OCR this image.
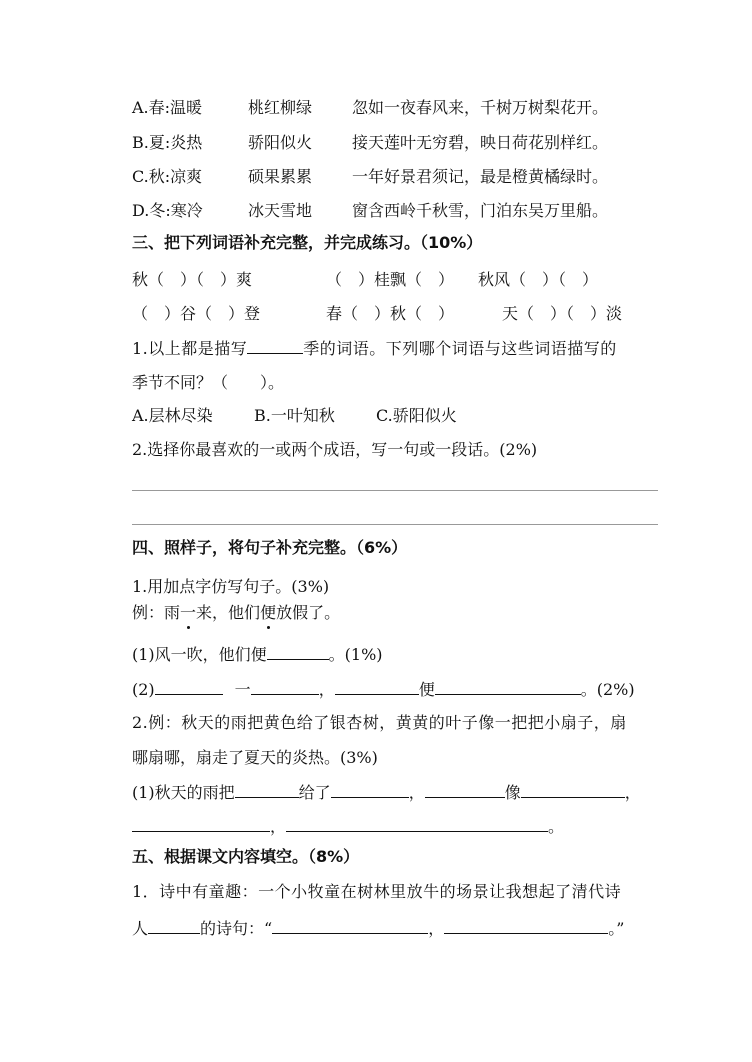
A.春:温暖	桃红柳绿 忽如一夜春风来，千树万树梨花开。
B.夏:炎热	骄阳似火 接天莲叶无穷碧，映日荷花别样红。
C.秋:凉爽	硕果累累 一年好景君须记，最是橙黄橘绿时。
D.冬:寒冷	冰天雪地 窗含西岭千秋雪，门泊东吴万里船。
三、把下列词语补充完整，并完成练习。（10%）
秋（　）（　）爽	（　）桂飘（　） 秋风（　）（　）
（　）谷（　）登	春（　）秋（　）	天（　）（　）淡
1.以上都是描写	季的词语。下列哪个词语与这些词语描写的
季节不同？（　　）。
A.层林尽染	B.一叶知秋	C.骄阳似火
2.选择你最喜欢的一或两个成语，写一句或一段话。(2%)
四、照样子，将句子补充完整。（6%）
1.用加点字仿写句子。(3%)
例：雨一来，他们便放假了。
(1)风一吹，他们便	。(1%)
(2)	一	，	便	。(2%)
2.例：秋天的雨把黄色给了银杏树，黄黄的叶子像一把把小扇子，扇
哪扇哪，扇走了夏天的炎热。(3%)
(1)秋天的雨把	给了	，	像	，
，	。
五、根据课文内容填空。（8%）
1．诗中有童趣：一个小牧童在树林里放牛的场景让我想起了清代诗
人	的诗句：“	，	。”
